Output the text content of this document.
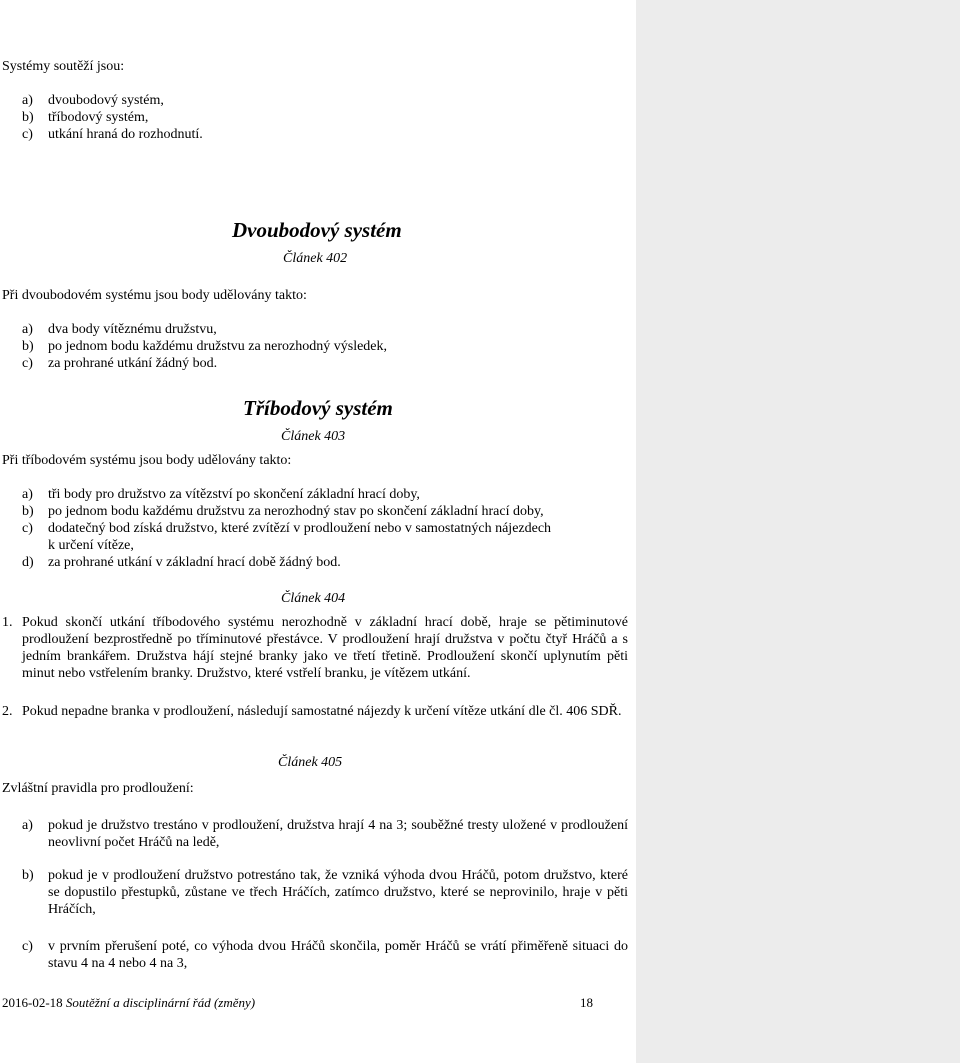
Systémy soutěží jsou:
a) dvoubodový systém,
b) tříbodový systém,
c) utkání hraná do rozhodnutí.
Dvoubodový systém
Článek 402
Při dvoubodovém systému jsou body udělovány takto:
a) dva body vítěznému družstvu,
b) po jednom bodu každému družstvu za nerozhodný výsledek,
c) za prohrané utkání žádný bod.
Tříbodový systém
Článek 403
Při tříbodovém systému jsou body udělovány takto:
a) tři body pro družstvo za vítězství po skončení základní hrací doby,
b) po jednom bodu každému družstvu za nerozhodný stav po skončení základní hrací doby,
c) dodatečný bod získá družstvo, které zvítězí v prodloužení nebo v samostatných nájezdech
k určení vítěze,
d) za prohrané utkání v základní hrací době žádný bod.
Článek 404
1. Pokud skončí utkání tříbodového systému nerozhodně v základní hrací době, hraje se pětiminutové prodloužení bezprostředně po tříminutové přestávce. V prodloužení hrají družstva v počtu čtyř Hráčů a s jedním brankářem. Družstva hájí stejné branky jako ve třetí třetině. Prodloužení skončí uplynutím pěti minut nebo vstřelením branky. Družstvo, které vstřelí branku, je vítězem utkání.
2. Pokud nepadne branka v prodloužení, následují samostatné nájezdy k určení vítěze utkání dle čl. 406 SDŘ.
Článek 405
Zvláštní pravidla pro prodloužení:
a) pokud je družstvo trestáno v prodloužení, družstva hrají 4 na 3; souběžné tresty uložené v prodloužení neovlivní počet Hráčů na ledě,
b) pokud je v prodloužení družstvo potrestáno tak, že vzniká výhoda dvou Hráčů, potom družstvo, které se dopustilo přestupků, zůstane ve třech Hráčích, zatímco družstvo, které se neprovinilo, hraje v pěti Hráčích,
c) v prvním přerušení poté, co výhoda dvou Hráčů skončila, poměr Hráčů se vrátí přiměřeně situaci do stavu 4 na 4 nebo 4 na 3,
2016-02-18 Soutěžní a disciplinární řád (změny)	18
